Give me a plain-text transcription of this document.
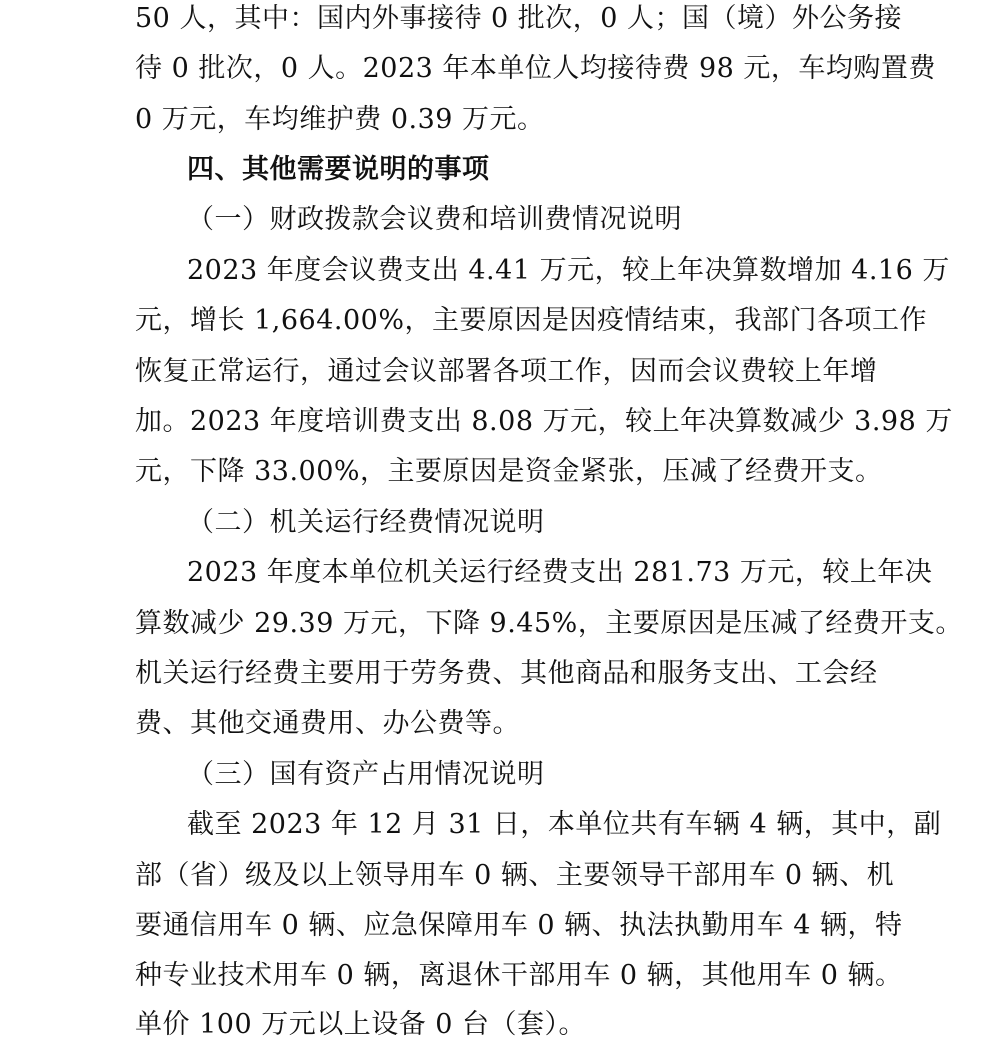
50 人，其中：国内外事接待 0 批次，0 人；国（境）外公务接
待 0 批次，0 人。2023 年本单位人均接待费 98 元，车均购置费
0 万元，车均维护费 0.39 万元。
四、其他需要说明的事项
（一）财政拨款会议费和培训费情况说明
2023 年度会议费支出 4.41 万元，较上年决算数增加 4.16 万
元，增长 1,664.00%，主要原因是因疫情结束，我部门各项工作
恢复正常运行，通过会议部署各项工作，因而会议费较上年增
加。2023 年度培训费支出 8.08 万元，较上年决算数减少 3.98 万
元，下降 33.00%，主要原因是资金紧张，压减了经费开支。
（二）机关运行经费情况说明
2023 年度本单位机关运行经费支出 281.73 万元，较上年决
算数减少 29.39 万元，下降 9.45%，主要原因是压减了经费开支。
机关运行经费主要用于劳务费、其他商品和服务支出、工会经
费、其他交通费用、办公费等。
（三）国有资产占用情况说明
截至 2023 年 12 月 31 日，本单位共有车辆 4 辆，其中，副
部（省）级及以上领导用车 0 辆、主要领导干部用车 0 辆、机
要通信用车 0 辆、应急保障用车 0 辆、执法执勤用车 4 辆，特
种专业技术用车 0 辆，离退休干部用车 0 辆，其他用车 0 辆。
单价 100 万元以上设备 0 台（套）。
